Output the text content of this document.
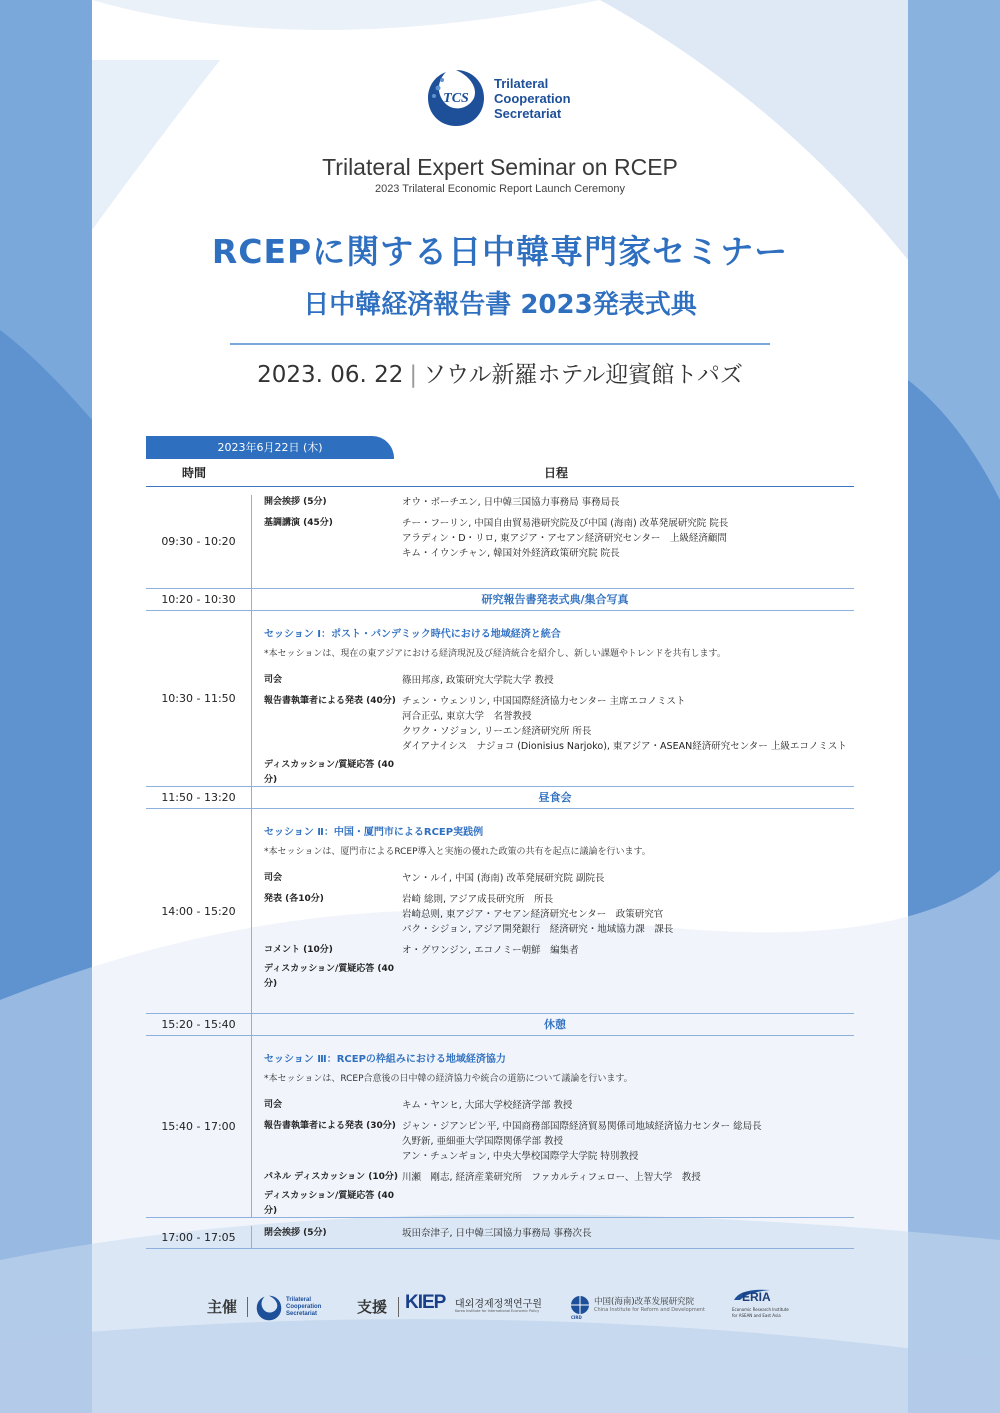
TCS
Trilateral
Cooperation
Secretariat
Trilateral Expert Seminar on RCEP
2023 Trilateral Economic Report Launch Ceremony
RCEPに関する日中韓専門家セミナー
日中韓経済報告書 2023発表式典
2023. 06. 22 | ソウル新羅ホテル迎賓館トパズ
2023年6月22日 (木)
時間	日程
09:30 - 10:20
開会挨拶 (5分)	オウ・ボーチエン, 日中韓三国協力事務局 事務局長
基調講演 (45分)	チー・フーリン, 中国自由貿易港研究院及び中国 (海南) 改革発展研究院 院長
アラディン・D・リロ, 東アジア・アセアン経済研究センター　上級経済顧問
キム・イウンチャン, 韓国対外経済政策研究院 院長
10:20 - 10:30	研究報告書発表式典/集合写真
10:30 - 11:50
セッション Ⅰ：ポスト・パンデミック時代における地域経済と統合
*本セッションは、現在の東アジアにおける経済現況及び経済統合を紹介し、新しい課題やトレンドを共有します。
司会	篠田邦彦, 政策研究大学院大学 教授
報告書執筆者による発表 (40分) チェン・ウェンリン, 中国国際経済協力センター 主席エコノミスト
河合正弘, 東京大学　名誉教授
クワク・ソジョン, リーエン経済研究所 所長
ダイアナイシス　ナジョコ (Dionisius Narjoko), 東アジア・ASEAN経済研究センター 上級エコノミスト
ディスカッション/質疑応答 (40分)
11:50 - 13:20	昼食会
14:00 - 15:20
セッション Ⅱ：中国・厦門市によるRCEP実践例
*本セッションは、厦門市によるRCEP導入と実施の優れた政策の共有を起点に議論を行います。
司会	ヤン・ルイ, 中国 (海南) 改革発展研究院 副院長
発表 (各10分)	岩崎 総則, アジア成長研究所　所長
岩崎总则, 東アジア・アセアン経済研究センター　政策研究官
パク・シジョン, アジア開発銀行　経済研究・地域協力課　課長
コメント (10分)	オ・グワンジン, エコノミー朝鮮　編集者
ディスカッション/質疑応答 (40分)
15:20 - 15:40	休憩
15:40 - 17:00
セッション Ⅲ：RCEPの枠組みにおける地域経済協力
*本セッションは、RCEP合意後の日中韓の経済協力や統合の道筋について議論を行います。
司会	キム・ヤンヒ, 大邱大学校経済学部 教授
報告書執筆者による発表 (30分) ジャン・ジアンピン平, 中国商務部国際経済貿易関係司地域経済協力センター 総局長
久野新, 亜細亜大学国際関係学部 教授
アン・チュンギョン, 中央大學校国際学大学院 特別教授
パネル ディスカッション (10分) 川瀬　剛志, 経済産業研究所　ファカルティフェロー、上智大学　教授
ディスカッション/質疑応答 (40分)
17:00 - 17:05	閉会挨拶 (5分)	坂田奈津子, 日中韓三国協力事務局 事務次長
主催	Trilateral
Cooperation
Secretariat	支援 KIEP 대외경제정책연구원
Korea Institute for International Economic Policy
CIRD
中国(海南)改革发展研究院
China Institute for Reform and Development
ERIA
Economic Research Institute
for ASEAN and East Asia
